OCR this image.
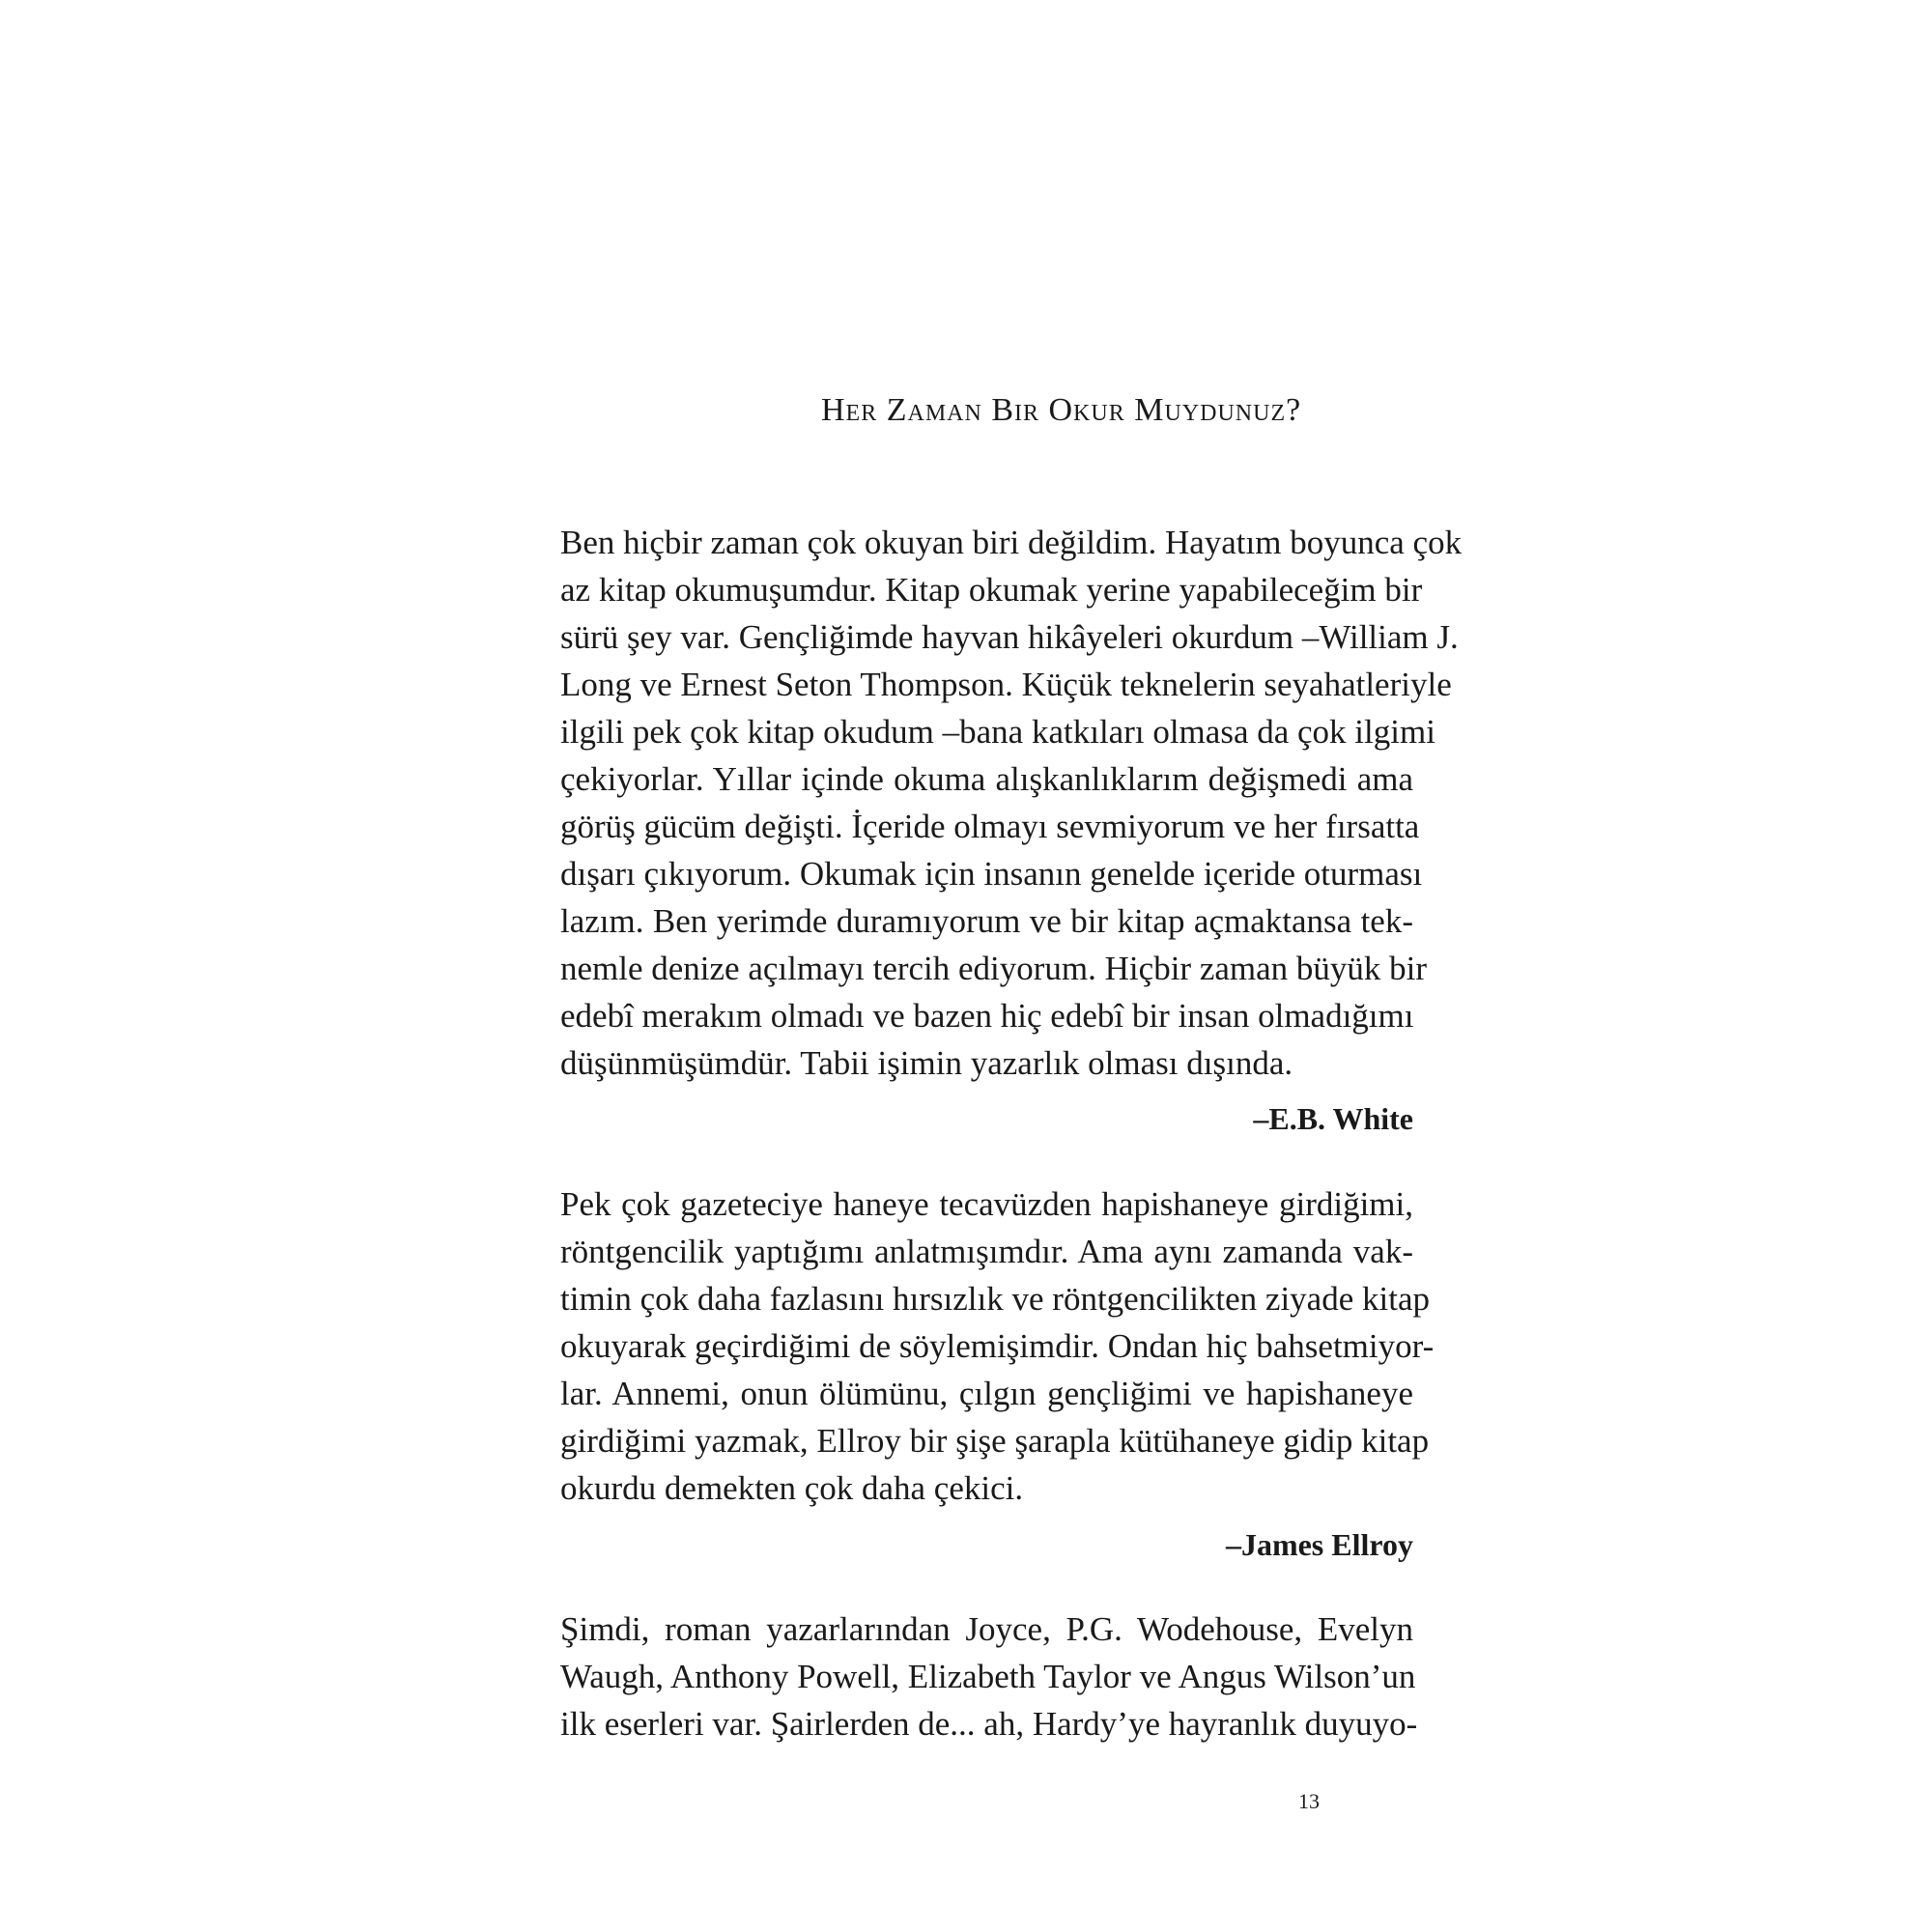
Her Zaman Bir Okur Muydunuz?
Ben hiçbir zaman çok okuyan biri değildim. Hayatım boyunca çok
az kitap okumuşumdur. Kitap okumak yerine yapabileceğim bir
sürü şey var. Gençliğimde hayvan hikâyeleri okurdum –William J.
Long ve Ernest Seton Thompson. Küçük teknelerin seyahatleriyle
ilgili pek çok kitap okudum –bana katkıları olmasa da çok ilgimi
çekiyorlar. Yıllar içinde okuma alışkanlıklarım değişmedi ama
görüş gücüm değişti. İçeride olmayı sevmiyorum ve her fırsatta
dışarı çıkıyorum. Okumak için insanın genelde içeride oturması
lazım. Ben yerimde duramıyorum ve bir kitap açmaktansa tek-
nemle denize açılmayı tercih ediyorum. Hiçbir zaman büyük bir
edebî merakım olmadı ve bazen hiç edebî bir insan olmadığımı
düşünmüşümdür. Tabii işimin yazarlık olması dışında.
–E.B. White
Pek çok gazeteciye haneye tecavüzden hapishaneye girdiğimi,
röntgencilik yaptığımı anlatmışımdır. Ama aynı zamanda vak-
timin çok daha fazlasını hırsızlık ve röntgencilikten ziyade kitap
okuyarak geçirdiğimi de söylemişimdir. Ondan hiç bahsetmiyor-
lar. Annemi, onun ölümünu, çılgın gençliğimi ve hapishaneye
girdiğimi yazmak, Ellroy bir şişe şarapla kütühaneye gidip kitap
okurdu demekten çok daha çekici.
–James Ellroy
Şimdi, roman yazarlarından Joyce, P.G. Wodehouse, Evelyn
Waugh, Anthony Powell, Elizabeth Taylor ve Angus Wilson’un
ilk eserleri var. Şairlerden de... ah, Hardy’ye hayranlık duyuyo-
13
